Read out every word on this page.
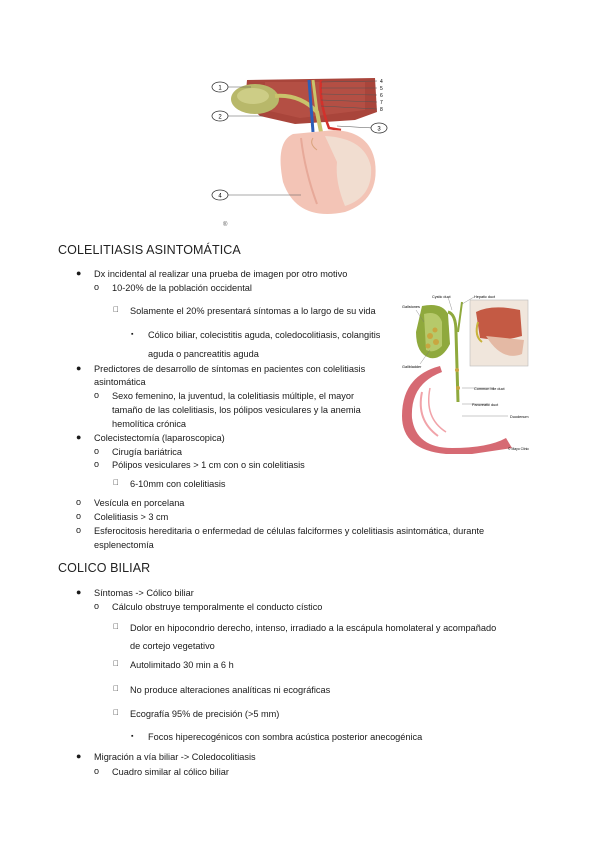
1
2
3
4
4
5
6
7
8
®
Cystic duct	Hepatic duct
Gallstones
Gallbladder
Common bile duct
Pancreatic duct
Duodenum
© Mayo Clinic
COLELITIASIS ASINTOMÁTICA
● Dx incidental al realizar una prueba de imagen por otro motivo
o 10-20% de la población occidental
Solamente el 20% presentará síntomas a lo largo de su vida
▪ Cólico biliar, colecistitis aguda, coledocolitiasis, colangitis
aguda o pancreatitis aguda
● Predictores de desarrollo de síntomas en pacientes con colelitiasis
asintomática
o Sexo femenino, la juventud, la colelitiasis múltiple, el mayor
tamaño de las colelitiasis, los pólipos vesiculares y la anemia
hemolítica crónica
● Colecistectomía (laparoscopica)
o Cirugía bariátrica
o Pólipos vesiculares > 1 cm con o sin colelitiasis
6-10mm con colelitiasis
o Vesícula en porcelana
o Colelitiasis > 3 cm
o Esferocitosis hereditaria o enfermedad de células falciformes y colelitiasis asintomática, durante
esplenectomía
COLICO BILIAR
● Síntomas -> Cólico biliar
o Cálculo obstruye temporalmente el conducto cístico
Dolor en hipocondrio derecho, intenso, irradiado a la escápula homolateral y acompañado
de cortejo vegetativo
Autolimitado 30 min a 6 h
No produce alteraciones analíticas ni ecográficas
Ecografía 95% de precisión (>5 mm)
▪ Focos hiperecogénicos con sombra acústica posterior anecogénica
● Migración a vía biliar -> Coledocolitiasis
o Cuadro similar al cólico biliar
